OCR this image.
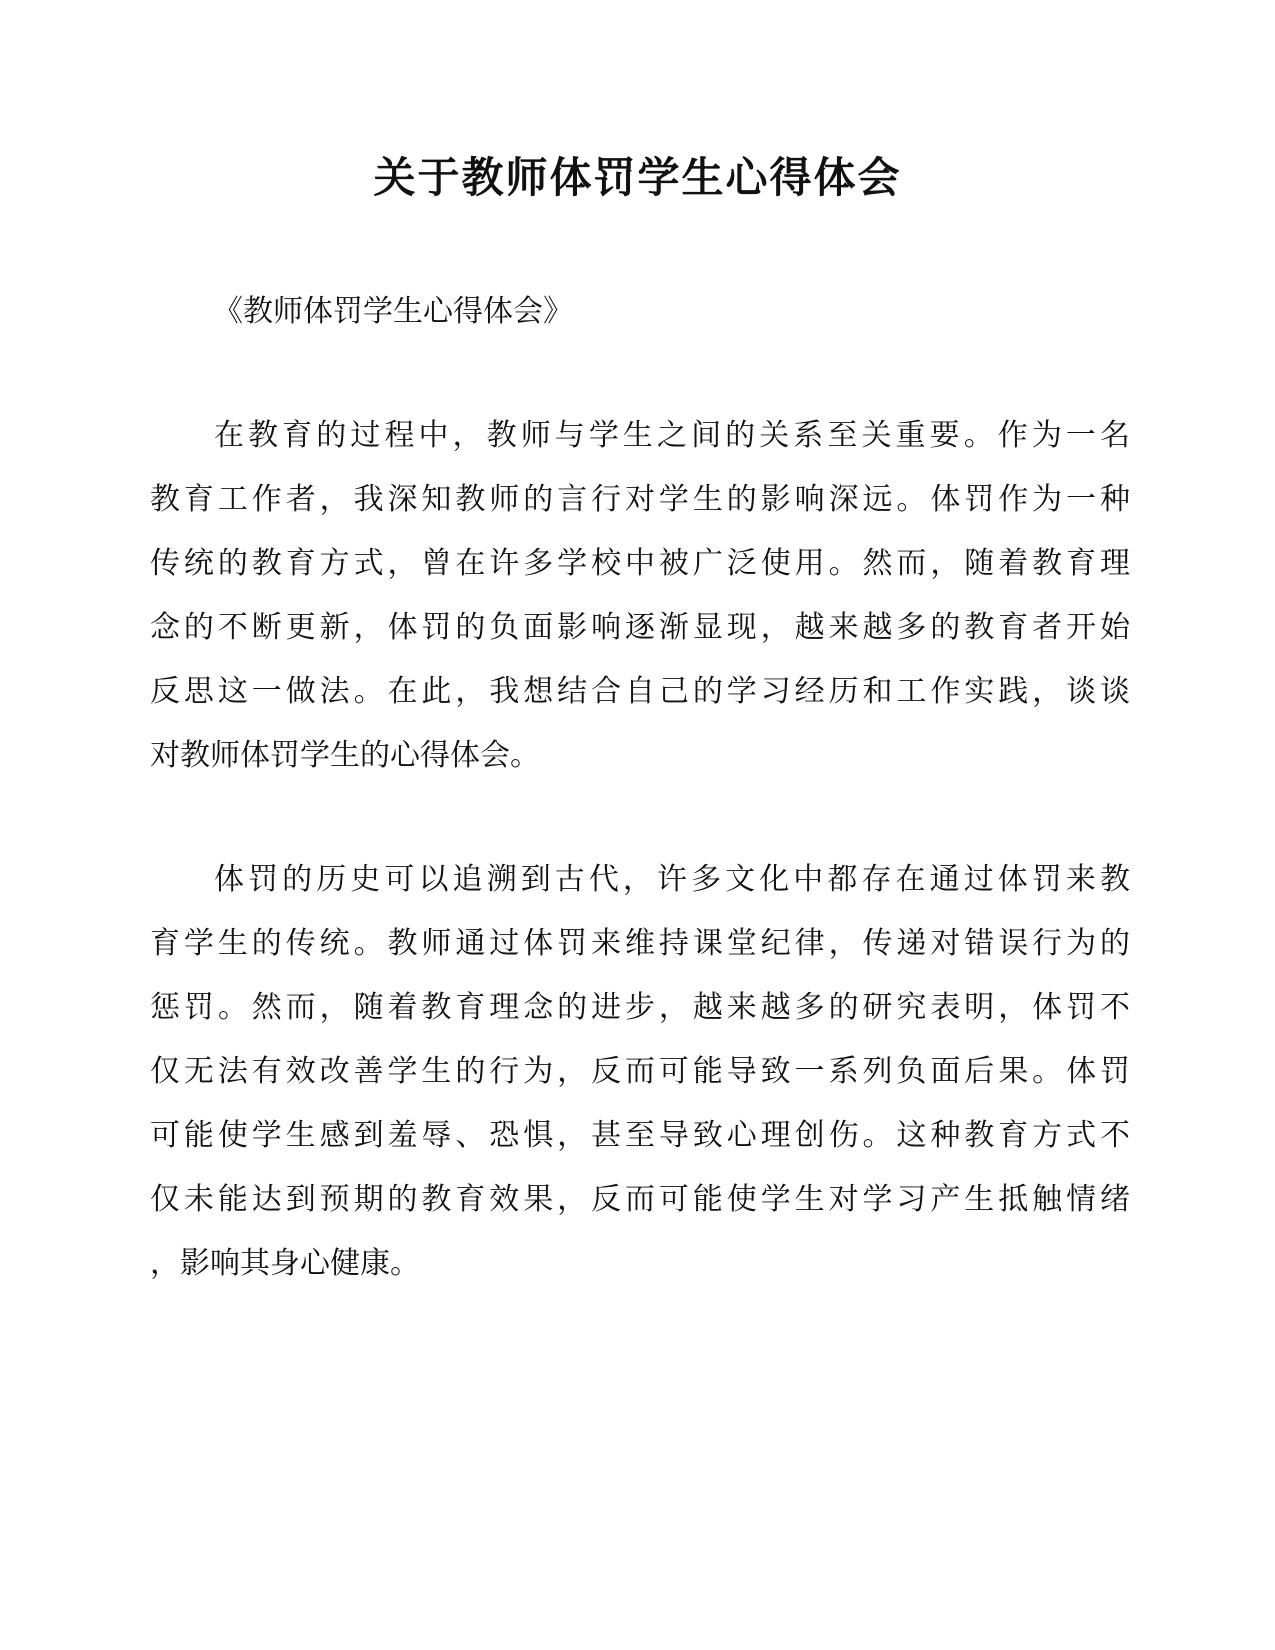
关于教师体罚学生心得体会

《教师体罚学生心得体会》

在教育的过程中，教师与学生之间的关系至关重要。作为一名
教育工作者，我深知教师的言行对学生的影响深远。体罚作为一种
传统的教育方式，曾在许多学校中被广泛使用。然而，随着教育理
念的不断更新，体罚的负面影响逐渐显现，越来越多的教育者开始
反思这一做法。在此，我想结合自己的学习经历和工作实践，谈谈
对教师体罚学生的心得体会。
体罚的历史可以追溯到古代，许多文化中都存在通过体罚来教
育学生的传统。教师通过体罚来维持课堂纪律，传递对错误行为的
惩罚。然而，随着教育理念的进步，越来越多的研究表明，体罚不
仅无法有效改善学生的行为，反而可能导致一系列负面后果。体罚
可能使学生感到羞辱、恐惧，甚至导致心理创伤。这种教育方式不
仅未能达到预期的教育效果，反而可能使学生对学习产生抵触情绪
，影响其身心健康。
